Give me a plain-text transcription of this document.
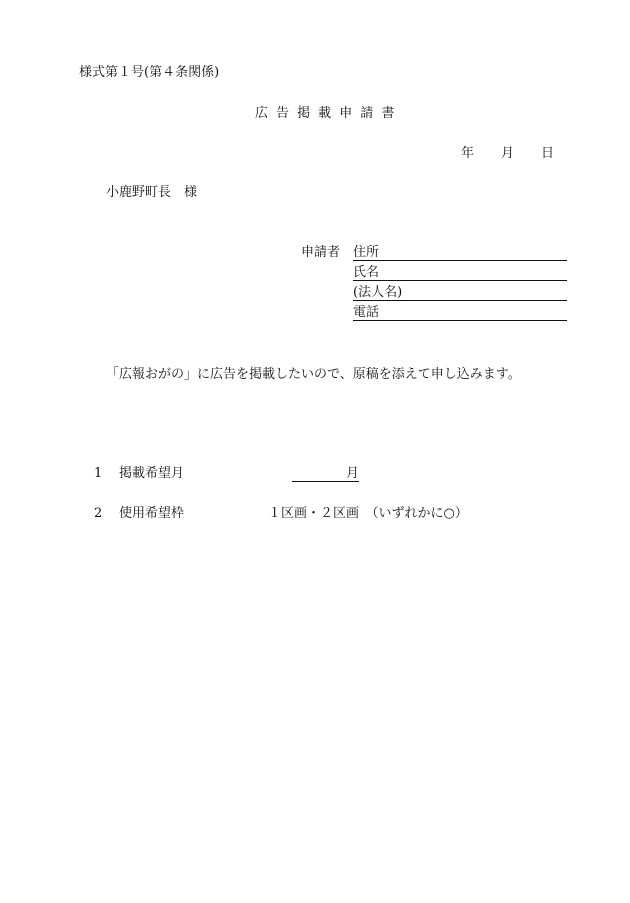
様式第１号(第４条関係)
広告掲載申請書
年 月 日
小鹿野町長　様
申請者 住所
氏名
(法人名)
電話
「広報おがの」に広告を掲載したいので、原稿を添えて申し込みます。
1 掲載希望月	月
2 使用希望枠	１区画・２区画　（いずれかに○）
